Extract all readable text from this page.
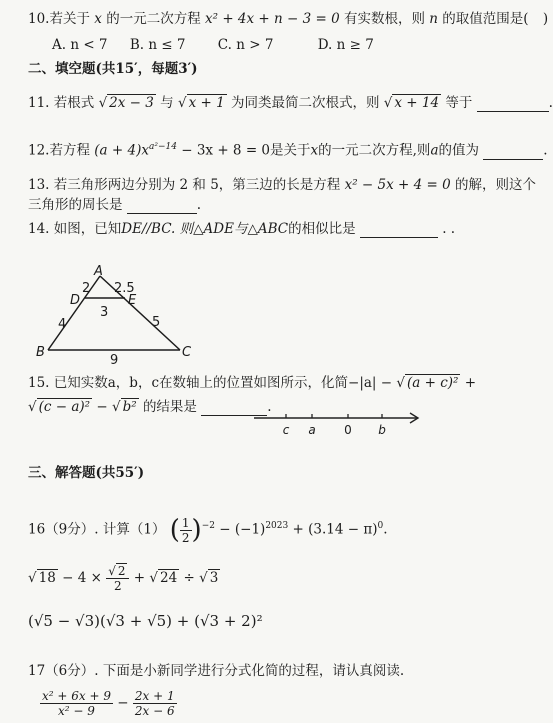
10.若关于 x 的一元二次方程 x² + 4x + n − 3 = 0 有实数根，则 n 的取值范围是( )
A. n < 7 B. n ≤ 7 C. n > 7	D. n ≥ 7
二、填空题(共15′，每题3′)
11. 若根式 √ 2x − 3 与 √ x + 1 为同类最简二次根式，则 √ x + 14 等于	.
12.若方程 $(a + 4)x^{a^2-14} - 3x + 8 = 0$是关于x的一元二次方程,则a的值为	.
13. 若三角形两边分别为 2 和 5，第三边的长是方程 x² − 5x + 4 = 0 的解，则这个
三角形的周长是	.
14. 如图，已知DE//BC. 则△ADE与△ABC的相似比是	. .
A
D	E
B	C
2 2.5
3
4	5
9
15. 已知实数a，b，c在数轴上的位置如图所示，化简−|a| − √ (a + c)² +
√ (c − a)² − √ b² 的结果是	.
c a 0 b
三、解答题(共55′)
16（9分）. 计算（1） ( $\frac{1}{2} )^{-2} - (-1)^{2023} + (3.14 - \pi)^0$.
√ $18 - 4 \times \frac{√ 2}{2}$ + √ 24 ÷ √ 3
(√5 − √3)(√3 + √5) + (√3 + 2)²
17（6分）. 下面是小新同学进行分式化简的过程，请认真阅读.
$\frac{\text{x² + 6x + 9}}{\text{x² − 9}} - \frac{2x + 1}{2x - 6}$
